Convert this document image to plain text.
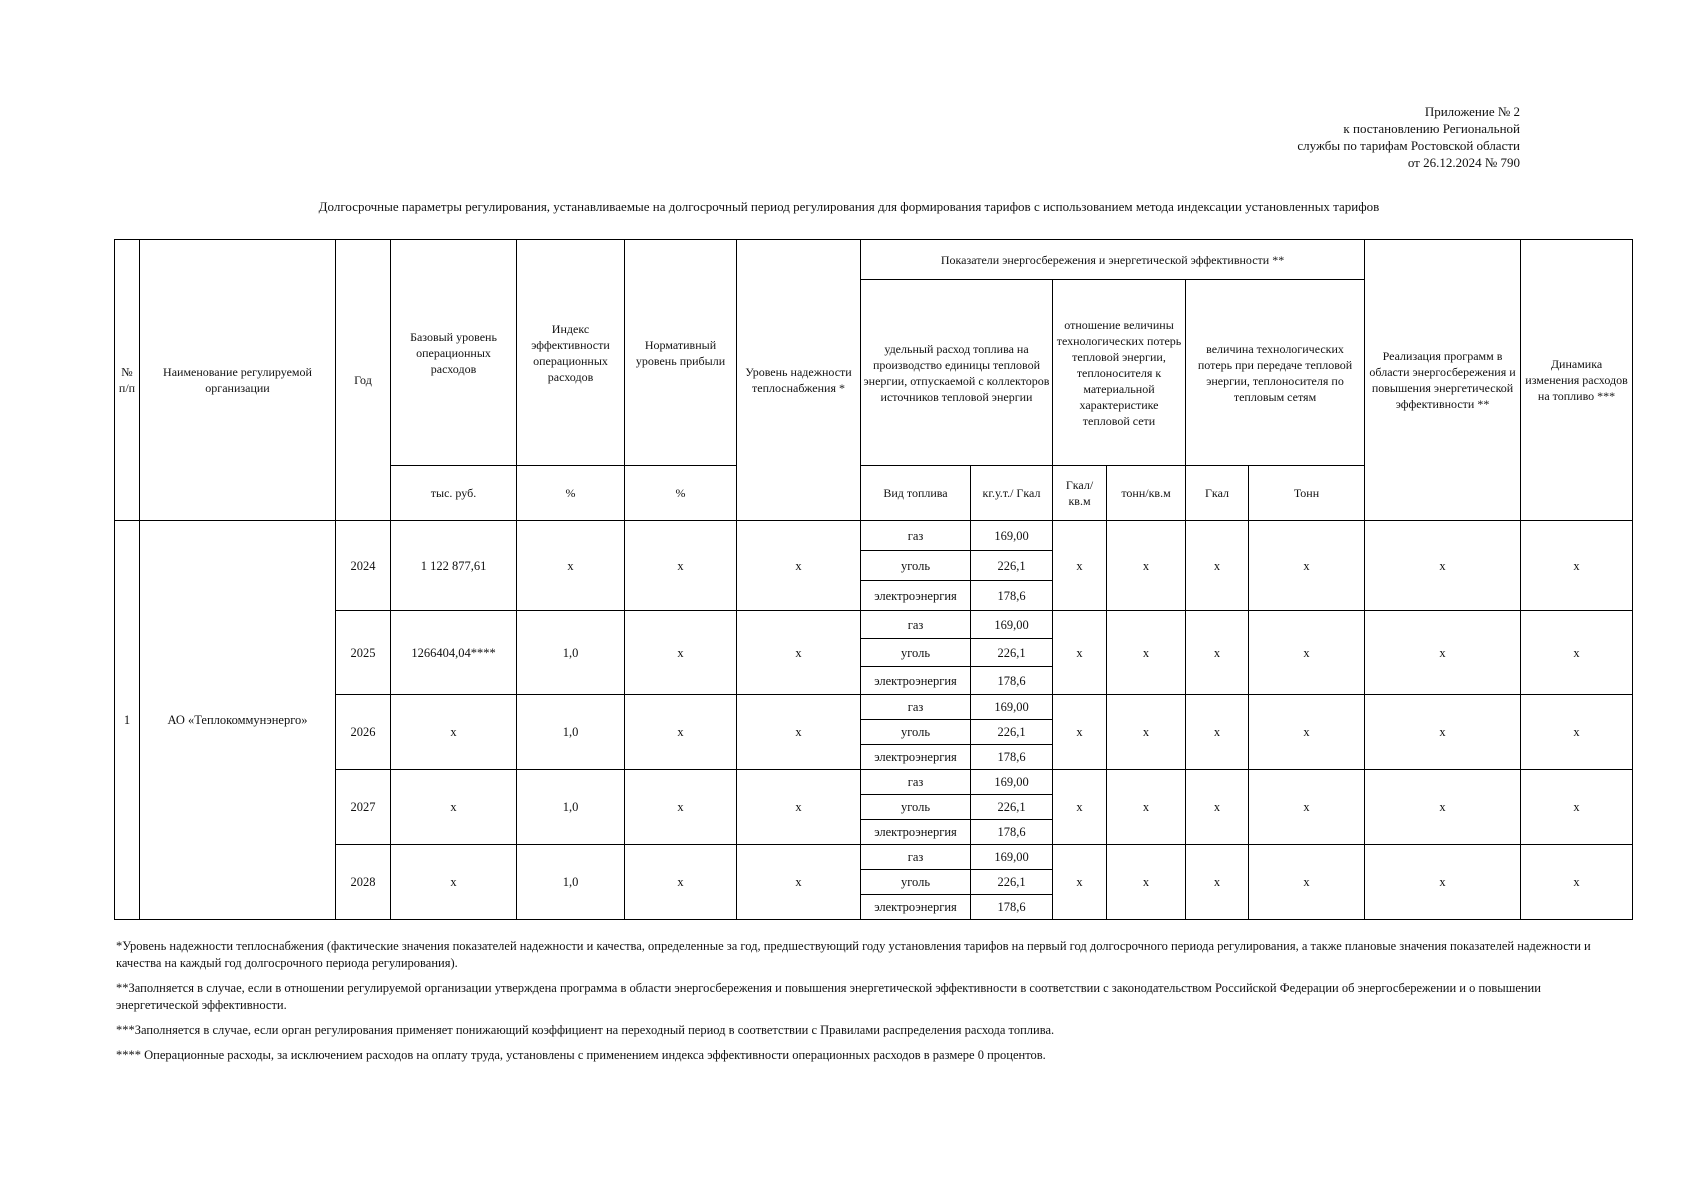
Приложение № 2
к постановлению Региональной
службы по тарифам Ростовской области
от 26.12.2024 № 790
Долгосрочные параметры регулирования, устанавливаемые на долгосрочный период регулирования для формирования тарифов с использованием метода индексации установленных тарифов
№ п/п	Наименование регулируемой организации	Год	Базовый уровень операционных расходов	Индекс эффективности операционных расходов	Нормативный уровень прибыли	Уровень надежности теплоснабжения *	Показатели энергосбережения и энергетической эффективности **						Реализация программ в области энергосбережения и повышения энергетической эффективности **	Динамика изменения расходов на топливо ***
							удельный расход топлива на производство единицы тепловой энергии, отпускаемой с коллекторов источников тепловой энергии		отношение величины технологических потерь тепловой энергии, теплоносителя к материальной характеристике тепловой сети		величина технологических потерь при передаче тепловой энергии, теплоносителя по тепловым сетям			
			тыс. руб.	%	%		Вид топлива	кг.у.т./ Гкал	Гкал/ кв.м	тонн/кв.м	Гкал	Тонн		
1	АО «Теплокоммунэнерго»	2024	1 122 877,61	х	х	х	газ	169,00	х	х	х	х	х	х
							уголь	226,1						
							электроэнергия	178,6						
		2025	1266404,04****	1,0	х	х	газ	169,00	х	х	х	х	х	х
							уголь	226,1						
							электроэнергия	178,6						
		2026	х	1,0	х	х	газ	169,00	х	х	х	х	х	х
							уголь	226,1						
							электроэнергия	178,6						
		2027	х	1,0	х	х	газ	169,00	х	х	х	х	х	х
							уголь	226,1						
							электроэнергия	178,6						
		2028	х	1,0	х	х	газ	169,00	х	х	х	х	х	х
							уголь	226,1						
							электроэнергия	178,6						

*Уровень надежности теплоснабжения (фактические значения показателей надежности и качества, определенные за год, предшествующий году установления тарифов на первый год долгосрочного периода регулирования, а также плановые значения показателей надежности и качества на каждый год долгосрочного периода регулирования).

**Заполняется в случае, если в отношении регулируемой организации утверждена программа в области энергосбережения и повышения энергетической эффективности в соответствии с законодательством Российской Федерации об энергосбережении и о повышении энергетической эффективности.

***Заполняется в случае, если орган регулирования применяет понижающий коэффициент на переходный период в соответствии с Правилами распределения расхода топлива.

**** Операционные расходы, за исключением расходов на оплату труда, установлены с применением индекса эффективности операционных расходов в размере 0 процентов.
